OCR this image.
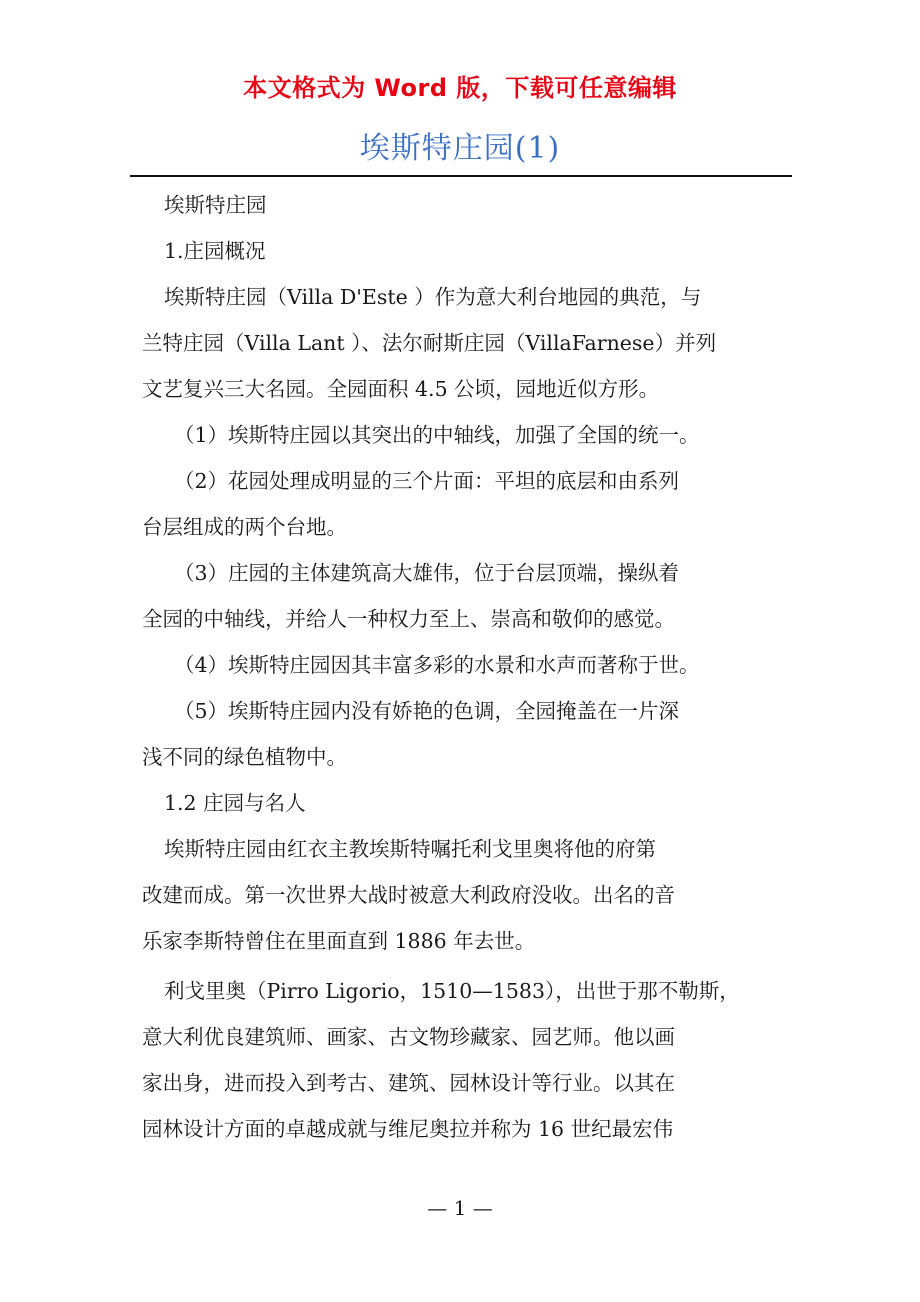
本文格式为 Word 版，下载可任意编辑
埃斯特庄园(1)

埃斯特庄园

1.庄园概况

埃斯特庄园（Villa D'Este ）作为意大利台地园的典范，与

兰特庄园（Villa Lant ）、法尔耐斯庄园（VillaFarnese）并列

文艺复兴三大名园。全园面积 4.5 公顷，园地近似方形。

（1）埃斯特庄园以其突出的中轴线，加强了全国的统一。

（2）花园处理成明显的三个片面：平坦的底层和由系列

台层组成的两个台地。

（3）庄园的主体建筑高大雄伟，位于台层顶端，操纵着

全园的中轴线，并给人一种权力至上、崇高和敬仰的感觉。

（4）埃斯特庄园因其丰富多彩的水景和水声而著称于世。

（5）埃斯特庄园内没有娇艳的色调，全园掩盖在一片深

浅不同的绿色植物中。

1.2 庄园与名人

埃斯特庄园由红衣主教埃斯特嘱托利戈里奥将他的府第

改建而成。第一次世界大战时被意大利政府没收。出名的音

乐家李斯特曾住在里面直到 1886 年去世。

利戈里奥（Pirro Ligorio，1510—1583），出世于那不勒斯，

意大利优良建筑师、画家、古文物珍藏家、园艺师。他以画

家出身，进而投入到考古、建筑、园林设计等行业。以其在

园林设计方面的卓越成就与维尼奥拉并称为 16 世纪最宏伟

— 1 —
